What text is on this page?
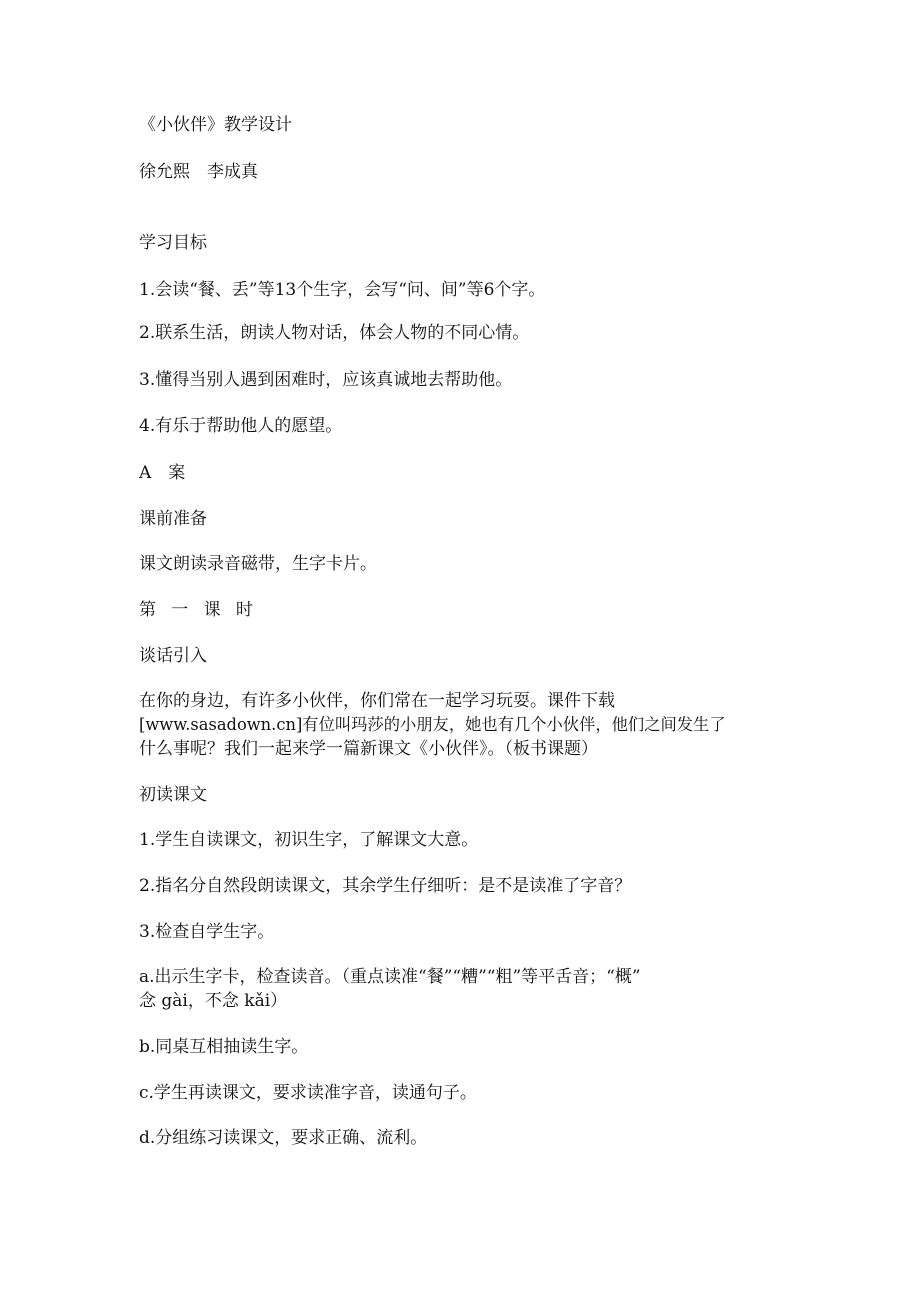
《小伙伴》教学设计
徐允熙　李成真
学习目标
1.会读“餐、丢”等13个生字，会写“问、间”等6个字。
2.联系生活，朗读人物对话，体会人物的不同心情。
3.懂得当别人遇到困难时，应该真诚地去帮助他。
4.有乐于帮助他人的愿望。
A　案
课前准备
课文朗读录音磁带，生字卡片。
第一课时
谈话引入
在你的身边，有许多小伙伴，你们常在一起学习玩耍。课件下载
[www.sasadown.cn]有位叫玛莎的小朋友，她也有几个小伙伴，他们之间发生了
什么事呢？我们一起来学一篇新课文《小伙伴》。（板书课题）
初读课文
1.学生自读课文，初识生字，了解课文大意。
2.指名分自然段朗读课文，其余学生仔细听：是不是读准了字音？
3.检查自学生字。
a.出示生字卡，检查读音。（重点读准“餐”“糟”“粗”等平舌音；“概”
念 gài，不念 kǎi）
b.同桌互相抽读生字。
c.学生再读课文，要求读准字音，读通句子。
d.分组练习读课文，要求正确、流利。
